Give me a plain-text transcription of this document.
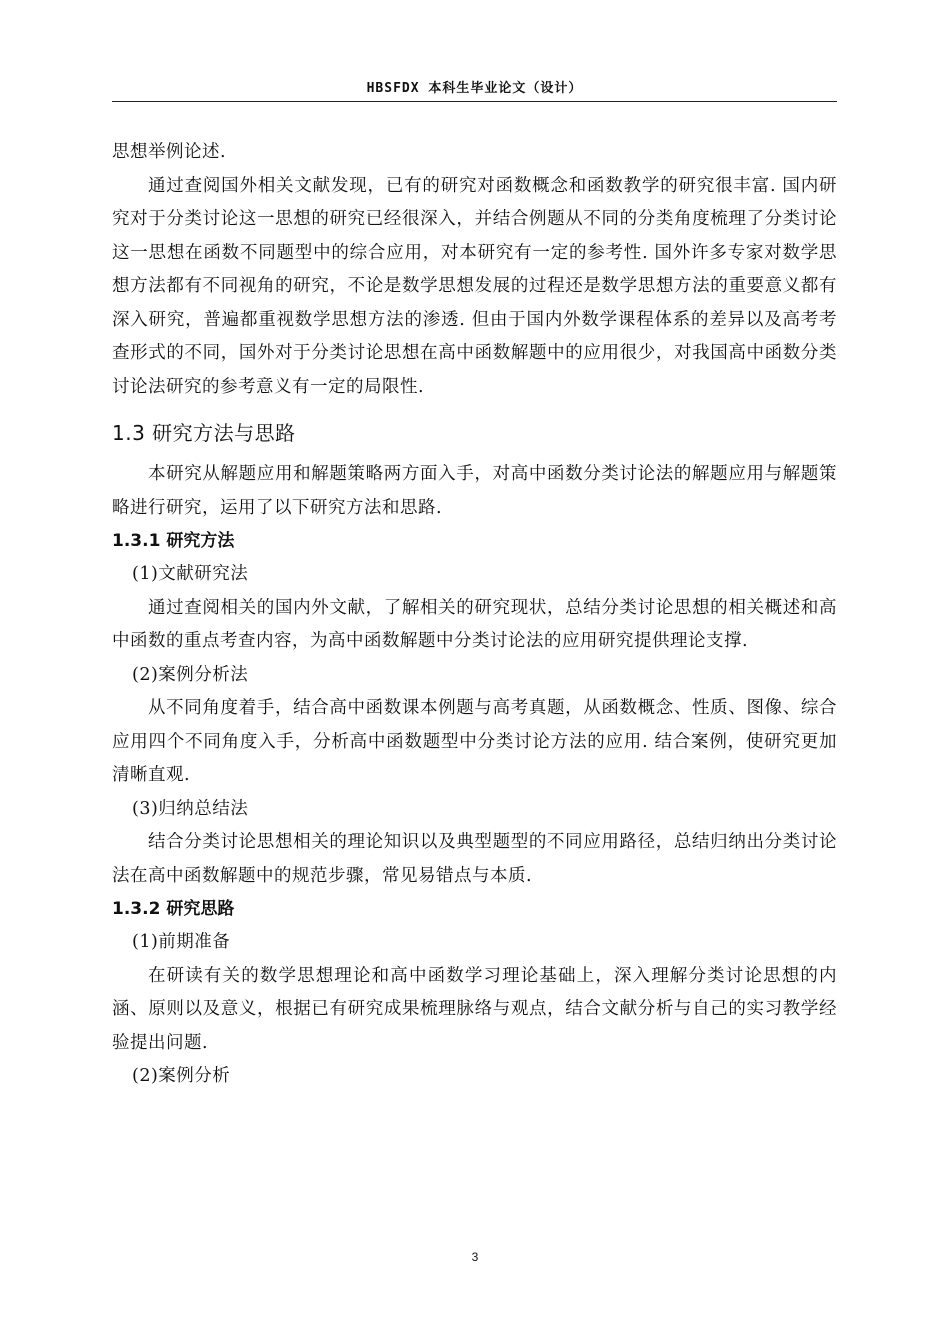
HBSFDX 本科生毕业论文（设计）

思想举例论述.

通过查阅国外相关文献发现，已有的研究对函数概念和函数教学的研究很丰富. 国内研究对于分类讨论这一思想的研究已经很深入，并结合例题从不同的分类角度梳理了分类讨论这一思想在函数不同题型中的综合应用，对本研究有一定的参考性. 国外许多专家对数学思想方法都有不同视角的研究，不论是数学思想发展的过程还是数学思想方法的重要意义都有深入研究，普遍都重视数学思想方法的渗透. 但由于国内外数学课程体系的差异以及高考考查形式的不同，国外对于分类讨论思想在高中函数解题中的应用很少，对我国高中函数分类讨论法研究的参考意义有一定的局限性.

1.3 研究方法与思路

本研究从解题应用和解题策略两方面入手，对高中函数分类讨论法的解题应用与解题策略进行研究，运用了以下研究方法和思路.

1.3.1 研究方法

(1)文献研究法

通过查阅相关的国内外文献，了解相关的研究现状，总结分类讨论思想的相关概述和高中函数的重点考查内容，为高中函数解题中分类讨论法的应用研究提供理论支撑.

(2)案例分析法

从不同角度着手，结合高中函数课本例题与高考真题，从函数概念、性质、图像、综合应用四个不同角度入手，分析高中函数题型中分类讨论方法的应用. 结合案例，使研究更加清晰直观.

(3)归纳总结法

结合分类讨论思想相关的理论知识以及典型题型的不同应用路径，总结归纳出分类讨论法在高中函数解题中的规范步骤，常见易错点与本质.

1.3.2 研究思路

(1)前期准备

在研读有关的数学思想理论和高中函数学习理论基础上，深入理解分类讨论思想的内涵、原则以及意义，根据已有研究成果梳理脉络与观点，结合文献分析与自己的实习教学经验提出问题.

(2)案例分析

3
